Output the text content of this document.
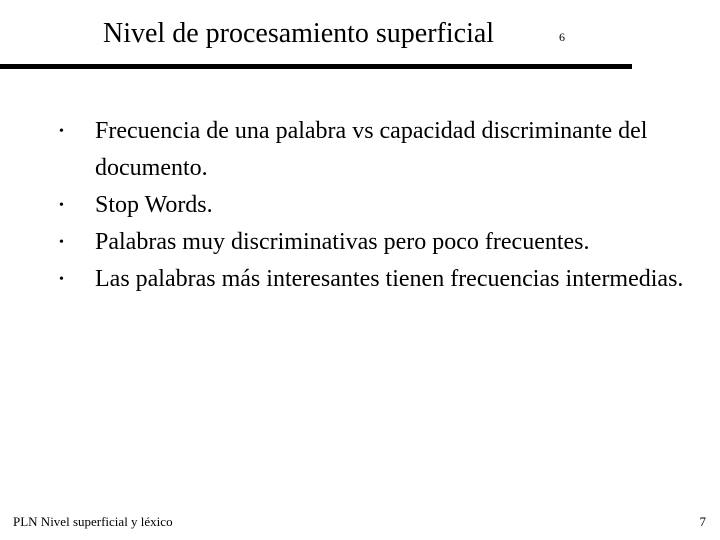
Nivel de procesamiento superficial	6
•	Frecuencia de una palabra vs capacidad discriminante del documento.
•	Stop Words.
•	Palabras muy discriminativas pero poco frecuentes.
•	Las palabras más interesantes tienen frecuencias intermedias.
PLN Nivel superficial y léxico	7
